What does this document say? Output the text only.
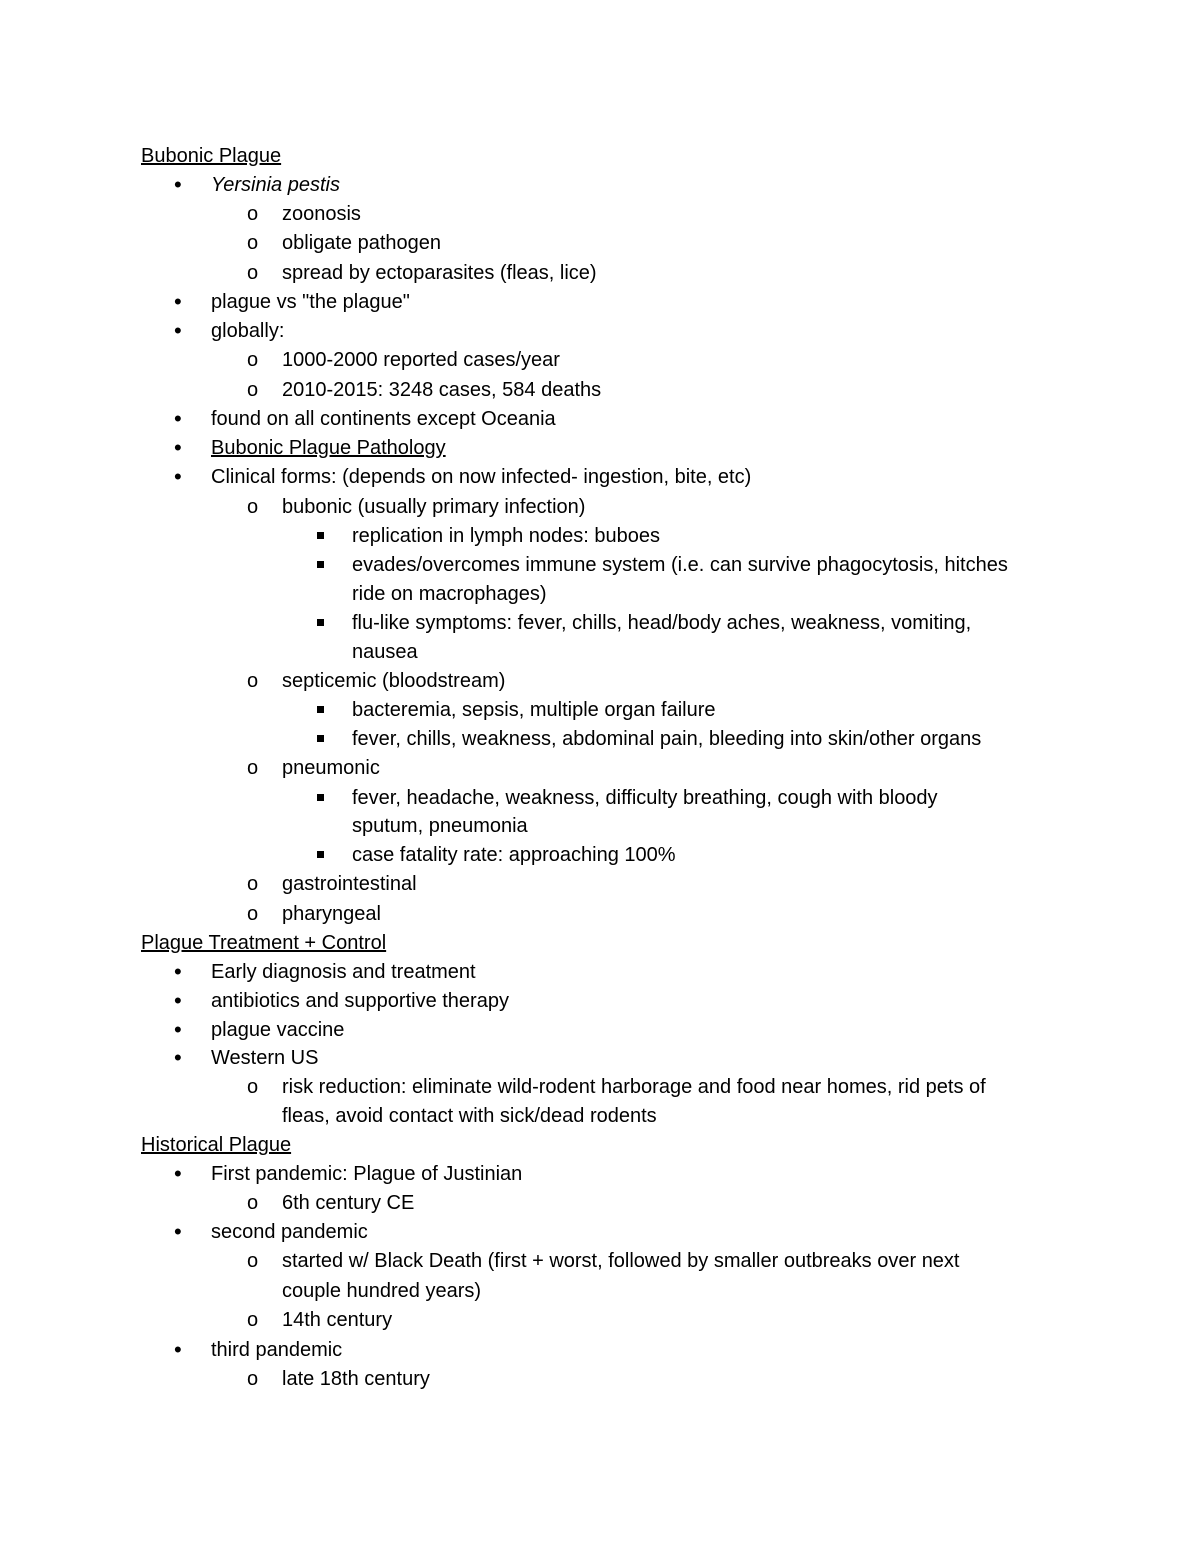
Bubonic Plague
• Yersinia pestis
o zoonosis
o obligate pathogen
o spread by ectoparasites (fleas, lice)
• plague vs "the plague"
• globally:
o 1000-2000 reported cases/year
o 2010-2015: 3248 cases, 584 deaths
• found on all continents except Oceania
• Bubonic Plague Pathology
• Clinical forms: (depends on now infected- ingestion, bite, etc)
o bubonic (usually primary infection)
replication in lymph nodes: buboes
evades/overcomes immune system (i.e. can survive phagocytosis, hitches
ride on macrophages)
flu-like symptoms: fever, chills, head/body aches, weakness, vomiting,
nausea
o septicemic (bloodstream)
bacteremia, sepsis, multiple organ failure
fever, chills, weakness, abdominal pain, bleeding into skin/other organs
o pneumonic
fever, headache, weakness, difficulty breathing, cough with bloody
sputum, pneumonia
case fatality rate: approaching 100%
o gastrointestinal
o pharyngeal
Plague Treatment + Control
• Early diagnosis and treatment
• antibiotics and supportive therapy
• plague vaccine
• Western US
o risk reduction: eliminate wild-rodent harborage and food near homes, rid pets of
fleas, avoid contact with sick/dead rodents
Historical Plague
• First pandemic: Plague of Justinian
o 6th century CE
• second pandemic
o started w/ Black Death (first + worst, followed by smaller outbreaks over next
couple hundred years)
o 14th century
• third pandemic
o late 18th century
